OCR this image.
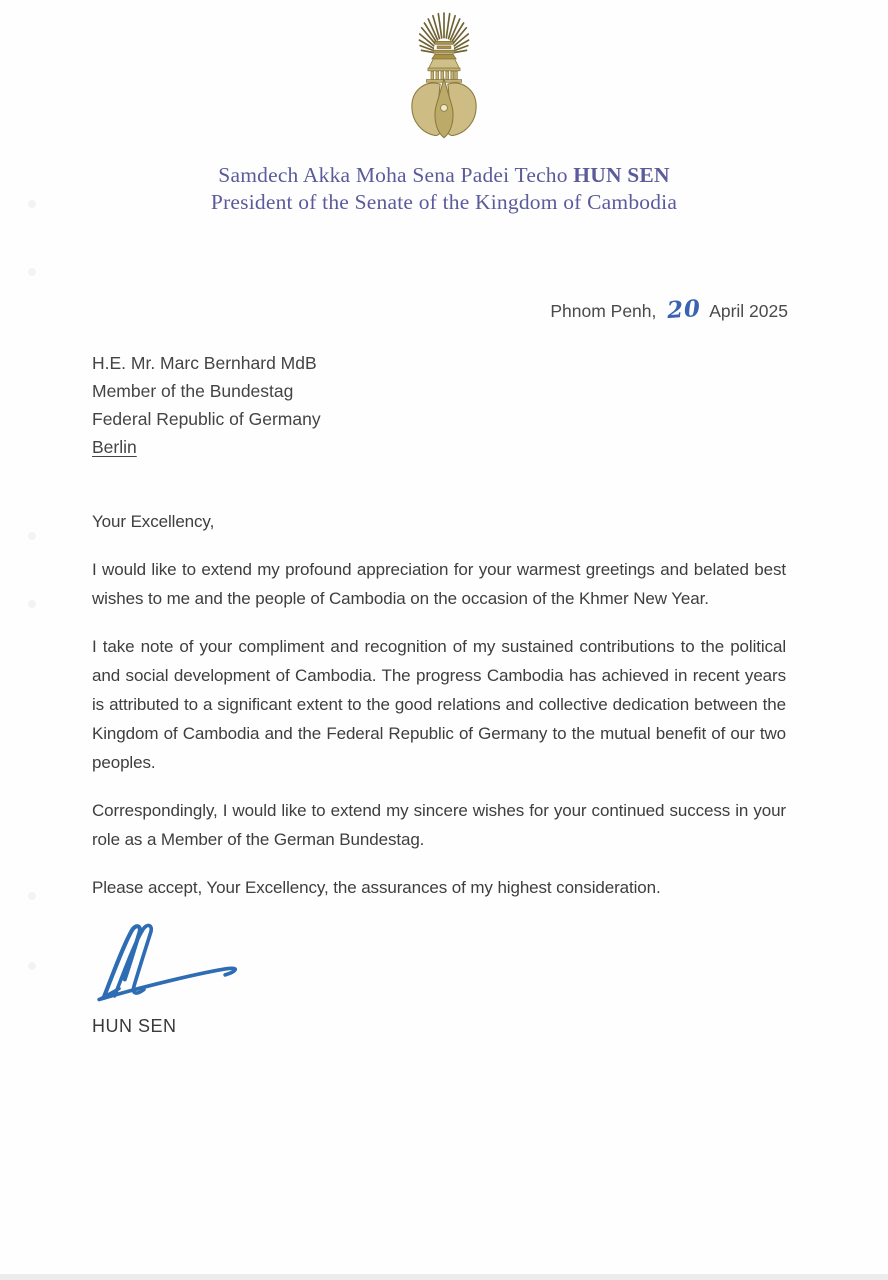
Samdech Akka Moha Sena Padei Techo HUN SEN
President of the Senate of the Kingdom of Cambodia
Phnom Penh, 20 April 2025
H.E. Mr. Marc Bernhard MdB
Member of the Bundestag
Federal Republic of Germany
Berlin

Your Excellency,

I would like to extend my profound appreciation for your warmest greetings and belated best wishes to me and the people of Cambodia on the occasion of the Khmer New Year.

I take note of your compliment and recognition of my sustained contributions to the political and social development of Cambodia. The progress Cambodia has achieved in recent years is attributed to a significant extent to the good relations and collective dedication between the Kingdom of Cambodia and the Federal Republic of Germany to the mutual benefit of our two peoples.

Correspondingly, I would like to extend my sincere wishes for your continued success in your role as a Member of the German Bundestag.

Please accept, Your Excellency, the assurances of my highest consideration.

HUN SEN
